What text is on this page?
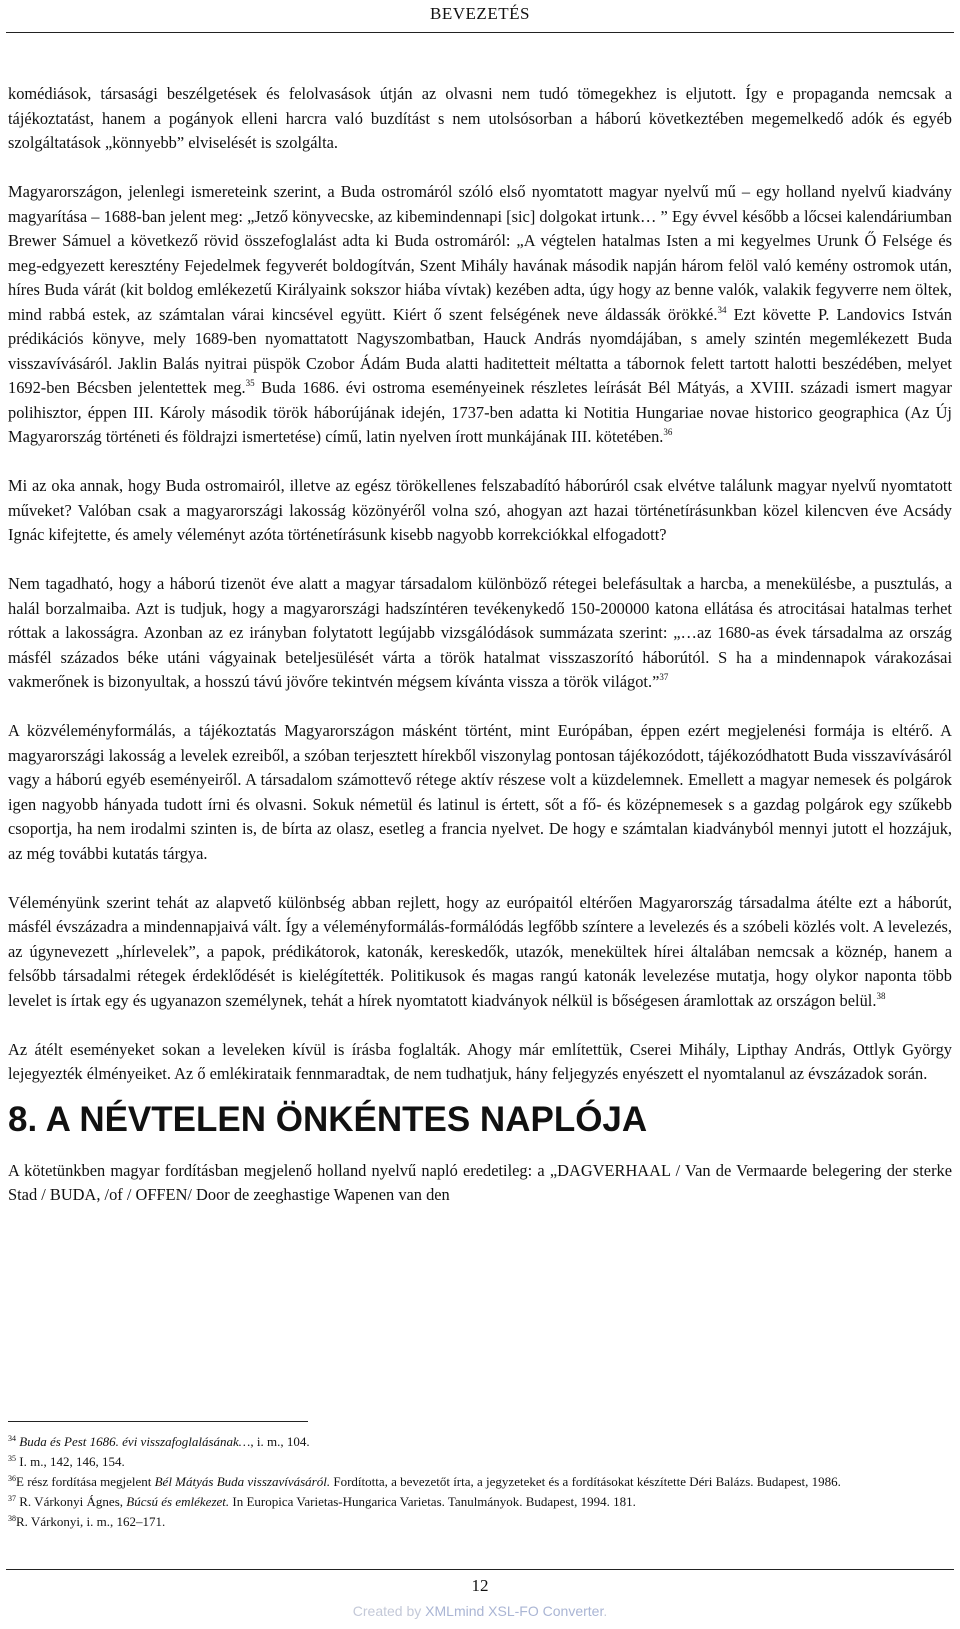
BEVEZETÉS

komédiások, társasági beszélgetések és felolvasások útján az olvasni nem tudó tömegekhez is eljutott. Így e propaganda nemcsak a tájékoztatást, hanem a pogányok elleni harcra való buzdítást s nem utolsósorban a háború következtében megemelkedő adók és egyéb szolgáltatások „könnyebb” elviselését is szolgálta.

Magyarországon, jelenlegi ismereteink szerint, a Buda ostromáról szóló első nyomtatott magyar nyelvű mű – egy holland nyelvű kiadvány magyarítása – 1688-ban jelent meg: „Jetző könyvecske, az kibemindennapi [sic] dolgokat irtunk… ” Egy évvel később a lőcsei kalendáriumban Brewer Sámuel a következő rövid összefoglalást adta ki Buda ostromáról: „A végtelen hatalmas Isten a mi kegyelmes Urunk Ő Felsége és meg-edgyezett keresztény Fejedelmek fegyverét boldogítván, Szent Mihály havának második napján három felöl való kemény ostromok után, híres Buda várát (kit boldog emlékezetű Királyaink sokszor hiába vívtak) kezében adta, úgy hogy az benne valók, valakik fegyverre nem öltek, mind rabbá estek, az számtalan várai kincsével együtt. Kiért ő szent felségének neve áldassák örökké.$^{34}$ Ezt követte P. Landovics István prédikációs könyve, mely 1689-ben nyomattatott Nagyszombatban, Hauck András nyomdájában, s amely szintén megemlékezett Buda visszavívásáról. Jaklin Balás nyitrai püspök Czobor Ádám Buda alatti haditetteit méltatta a tábornok felett tartott halotti beszédében, melyet 1692-ben Bécsben jelentettek meg.$^{35}$ Buda 1686. évi ostroma eseményeinek részletes leírását Bél Mátyás, a XVIII. századi ismert magyar polihisztor, éppen III. Károly második török háborújának idején, 1737-ben adatta ki Notitia Hungariae novae historico geographica (Az Új Magyarország történeti és földrajzi ismertetése) című, latin nyelven írott munkájának III. kötetében.$^{36}$

Mi az oka annak, hogy Buda ostromairól, illetve az egész törökellenes felszabadító háborúról csak elvétve találunk magyar nyelvű nyomtatott műveket? Valóban csak a magyarországi lakosság közönyéről volna szó, ahogyan azt hazai történetírásunkban közel kilencven éve Acsády Ignác kifejtette, és amely véleményt azóta történetírásunk kisebb nagyobb korrekciókkal elfogadott?

Nem tagadható, hogy a háború tizenöt éve alatt a magyar társadalom különböző rétegei belefásultak a harcba, a menekülésbe, a pusztulás, a halál borzalmaiba. Azt is tudjuk, hogy a magyarországi hadszíntéren tevékenykedő 150-200000 katona ellátása és atrocitásai hatalmas terhet róttak a lakosságra. Azonban az ez irányban folytatott legújabb vizsgálódások summázata szerint: „…az 1680-as évek társadalma az ország másfél százados béke utáni vágyainak beteljesülését várta a török hatalmat visszaszorító háborútól. S ha a mindennapok várakozásai vakmerőnek is bizonyultak, a hosszú távú jövőre tekintvén mégsem kívánta vissza a török világot.”$^{37}$

A közvéleményformálás, a tájékoztatás Magyarországon másként történt, mint Európában, éppen ezért megjelenési formája is eltérő. A magyarországi lakosság a levelek ezreiből, a szóban terjesztett hírekből viszonylag pontosan tájékozódott, tájékozódhatott Buda visszavívásáról vagy a háború egyéb eseményeiről. A társadalom számottevő rétege aktív részese volt a küzdelemnek. Emellett a magyar nemesek és polgárok igen nagyobb hányada tudott írni és olvasni. Sokuk németül és latinul is értett, sőt a fő- és középnemesek s a gazdag polgárok egy szűkebb csoportja, ha nem irodalmi szinten is, de bírta az olasz, esetleg a francia nyelvet. De hogy e számtalan kiadványból mennyi jutott el hozzájuk, az még további kutatás tárgya.

Véleményünk szerint tehát az alapvető különbség abban rejlett, hogy az európaitól eltérően Magyarország társadalma átélte ezt a háborút, másfél évszázadra a mindennapjaivá vált. Így a véleményformálás-formálódás legfőbb színtere a levelezés és a szóbeli közlés volt. A levelezés, az úgynevezett „hírlevelek”, a papok, prédikátorok, katonák, kereskedők, utazók, menekültek hírei általában nemcsak a köznép, hanem a felsőbb társadalmi rétegek érdeklődését is kielégítették. Politikusok és magas rangú katonák levelezése mutatja, hogy olykor naponta több levelet is írtak egy és ugyanazon személynek, tehát a hírek nyomtatott kiadványok nélkül is bőségesen áramlottak az országon belül.$^{38}$

Az átélt eseményeket sokan a leveleken kívül is írásba foglalták. Ahogy már említettük, Cserei Mihály, Lipthay András, Ottlyk György lejegyezték élményeiket. Az ő emlékirataik fennmaradtak, de nem tudhatjuk, hány feljegyzés enyészett el nyomtalanul az évszázadok során.

8. A NÉVTELEN ÖNKÉNTES NAPLÓJA

A kötetünkben magyar fordításban megjelenő holland nyelvű napló eredetileg: a „DAGVERHAAL / Van de Vermaarde belegering der sterke Stad / BUDA, /of / OFFEN/ Door de zeeghastige Wapenen van den

$^{34}$ Buda és Pest 1686. évi visszafoglalásának…, i. m., 104.

$^{35}$ I. m., 142, 146, 154.

$^{36}$E rész fordítása megjelent Bél Mátyás Buda visszavívásáról. Fordította, a bevezetőt írta, a jegyzeteket és a fordításokat készítette Déri Balázs. Budapest, 1986.

$^{37}$ R. Várkonyi Ágnes, Búcsú és emlékezet. In Europica Varietas-Hungarica Varietas. Tanulmányok. Budapest, 1994. 181.

$^{38}$R. Várkonyi, i. m., 162–171.

12
Created by XMLmind XSL-FO Converter.
